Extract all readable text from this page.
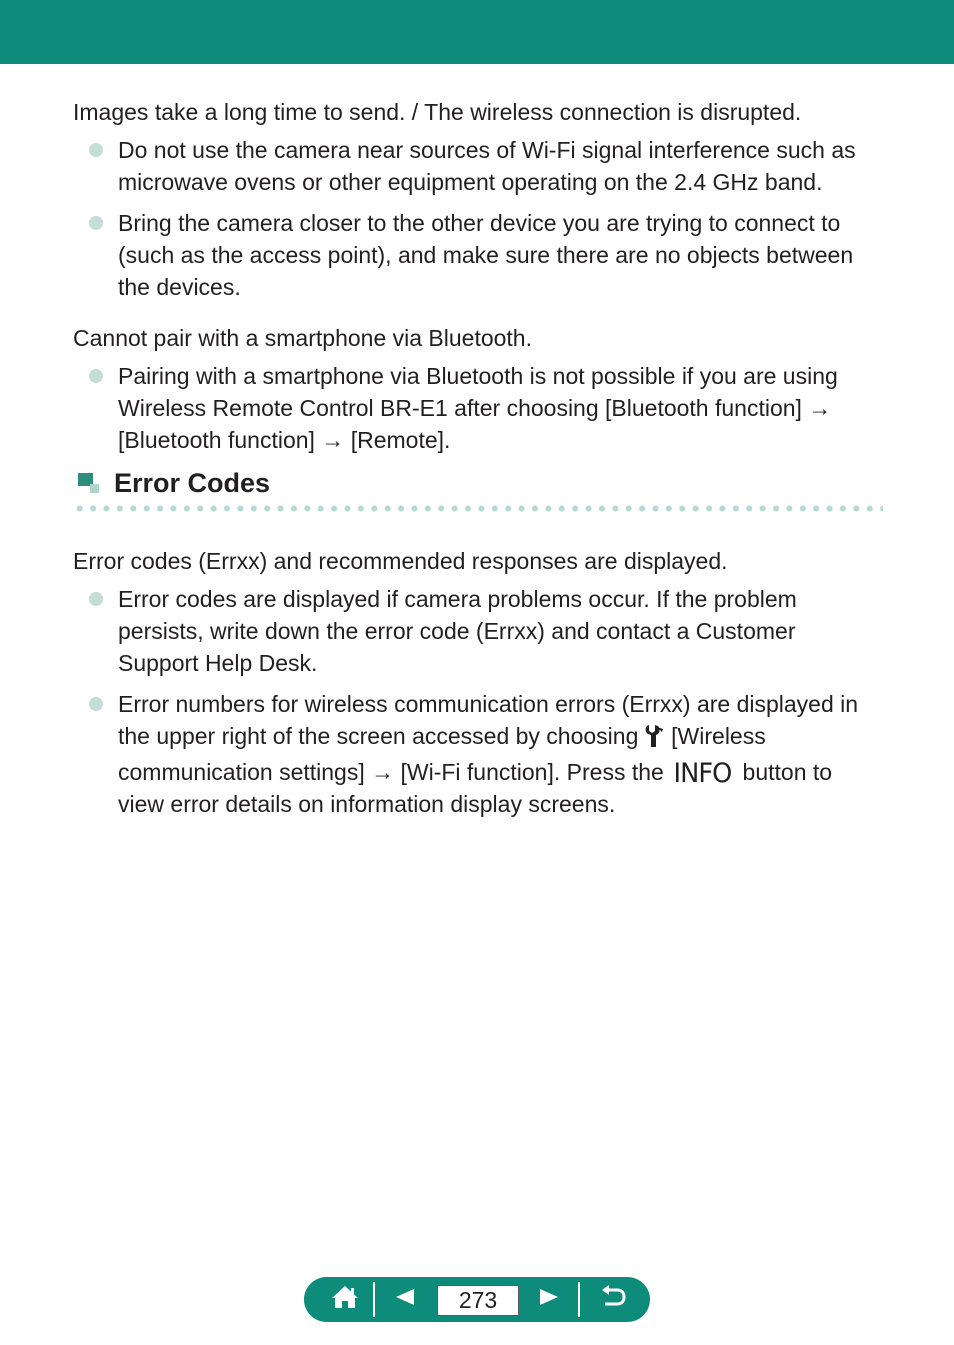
Images take a long time to send. / The wireless connection is disrupted.

Do not use the camera near sources of Wi-Fi signal interference such as microwave ovens or other equipment operating on the 2.4 GHz band.
Bring the camera closer to the other device you are trying to connect to (such as the access point), and make sure there are no objects between the devices.

Cannot pair with a smartphone via Bluetooth.

Pairing with a smartphone via Bluetooth is not possible if you are using Wireless Remote Control BR-E1 after choosing [Bluetooth function] → [Bluetooth function] → [Remote].
Error Codes

Error codes (Errxx) and recommended responses are displayed.

Error codes are displayed if camera problems occur. If the problem persists, write down the error code (Errxx) and contact a Customer Support Help Desk.
Error numbers for wireless communication errors (Errxx) are displayed in the upper right of the screen accessed by choosing [Wireless communication settings] → [Wi-Fi function]. Press the INFO button to view error details on information display screens.
273
